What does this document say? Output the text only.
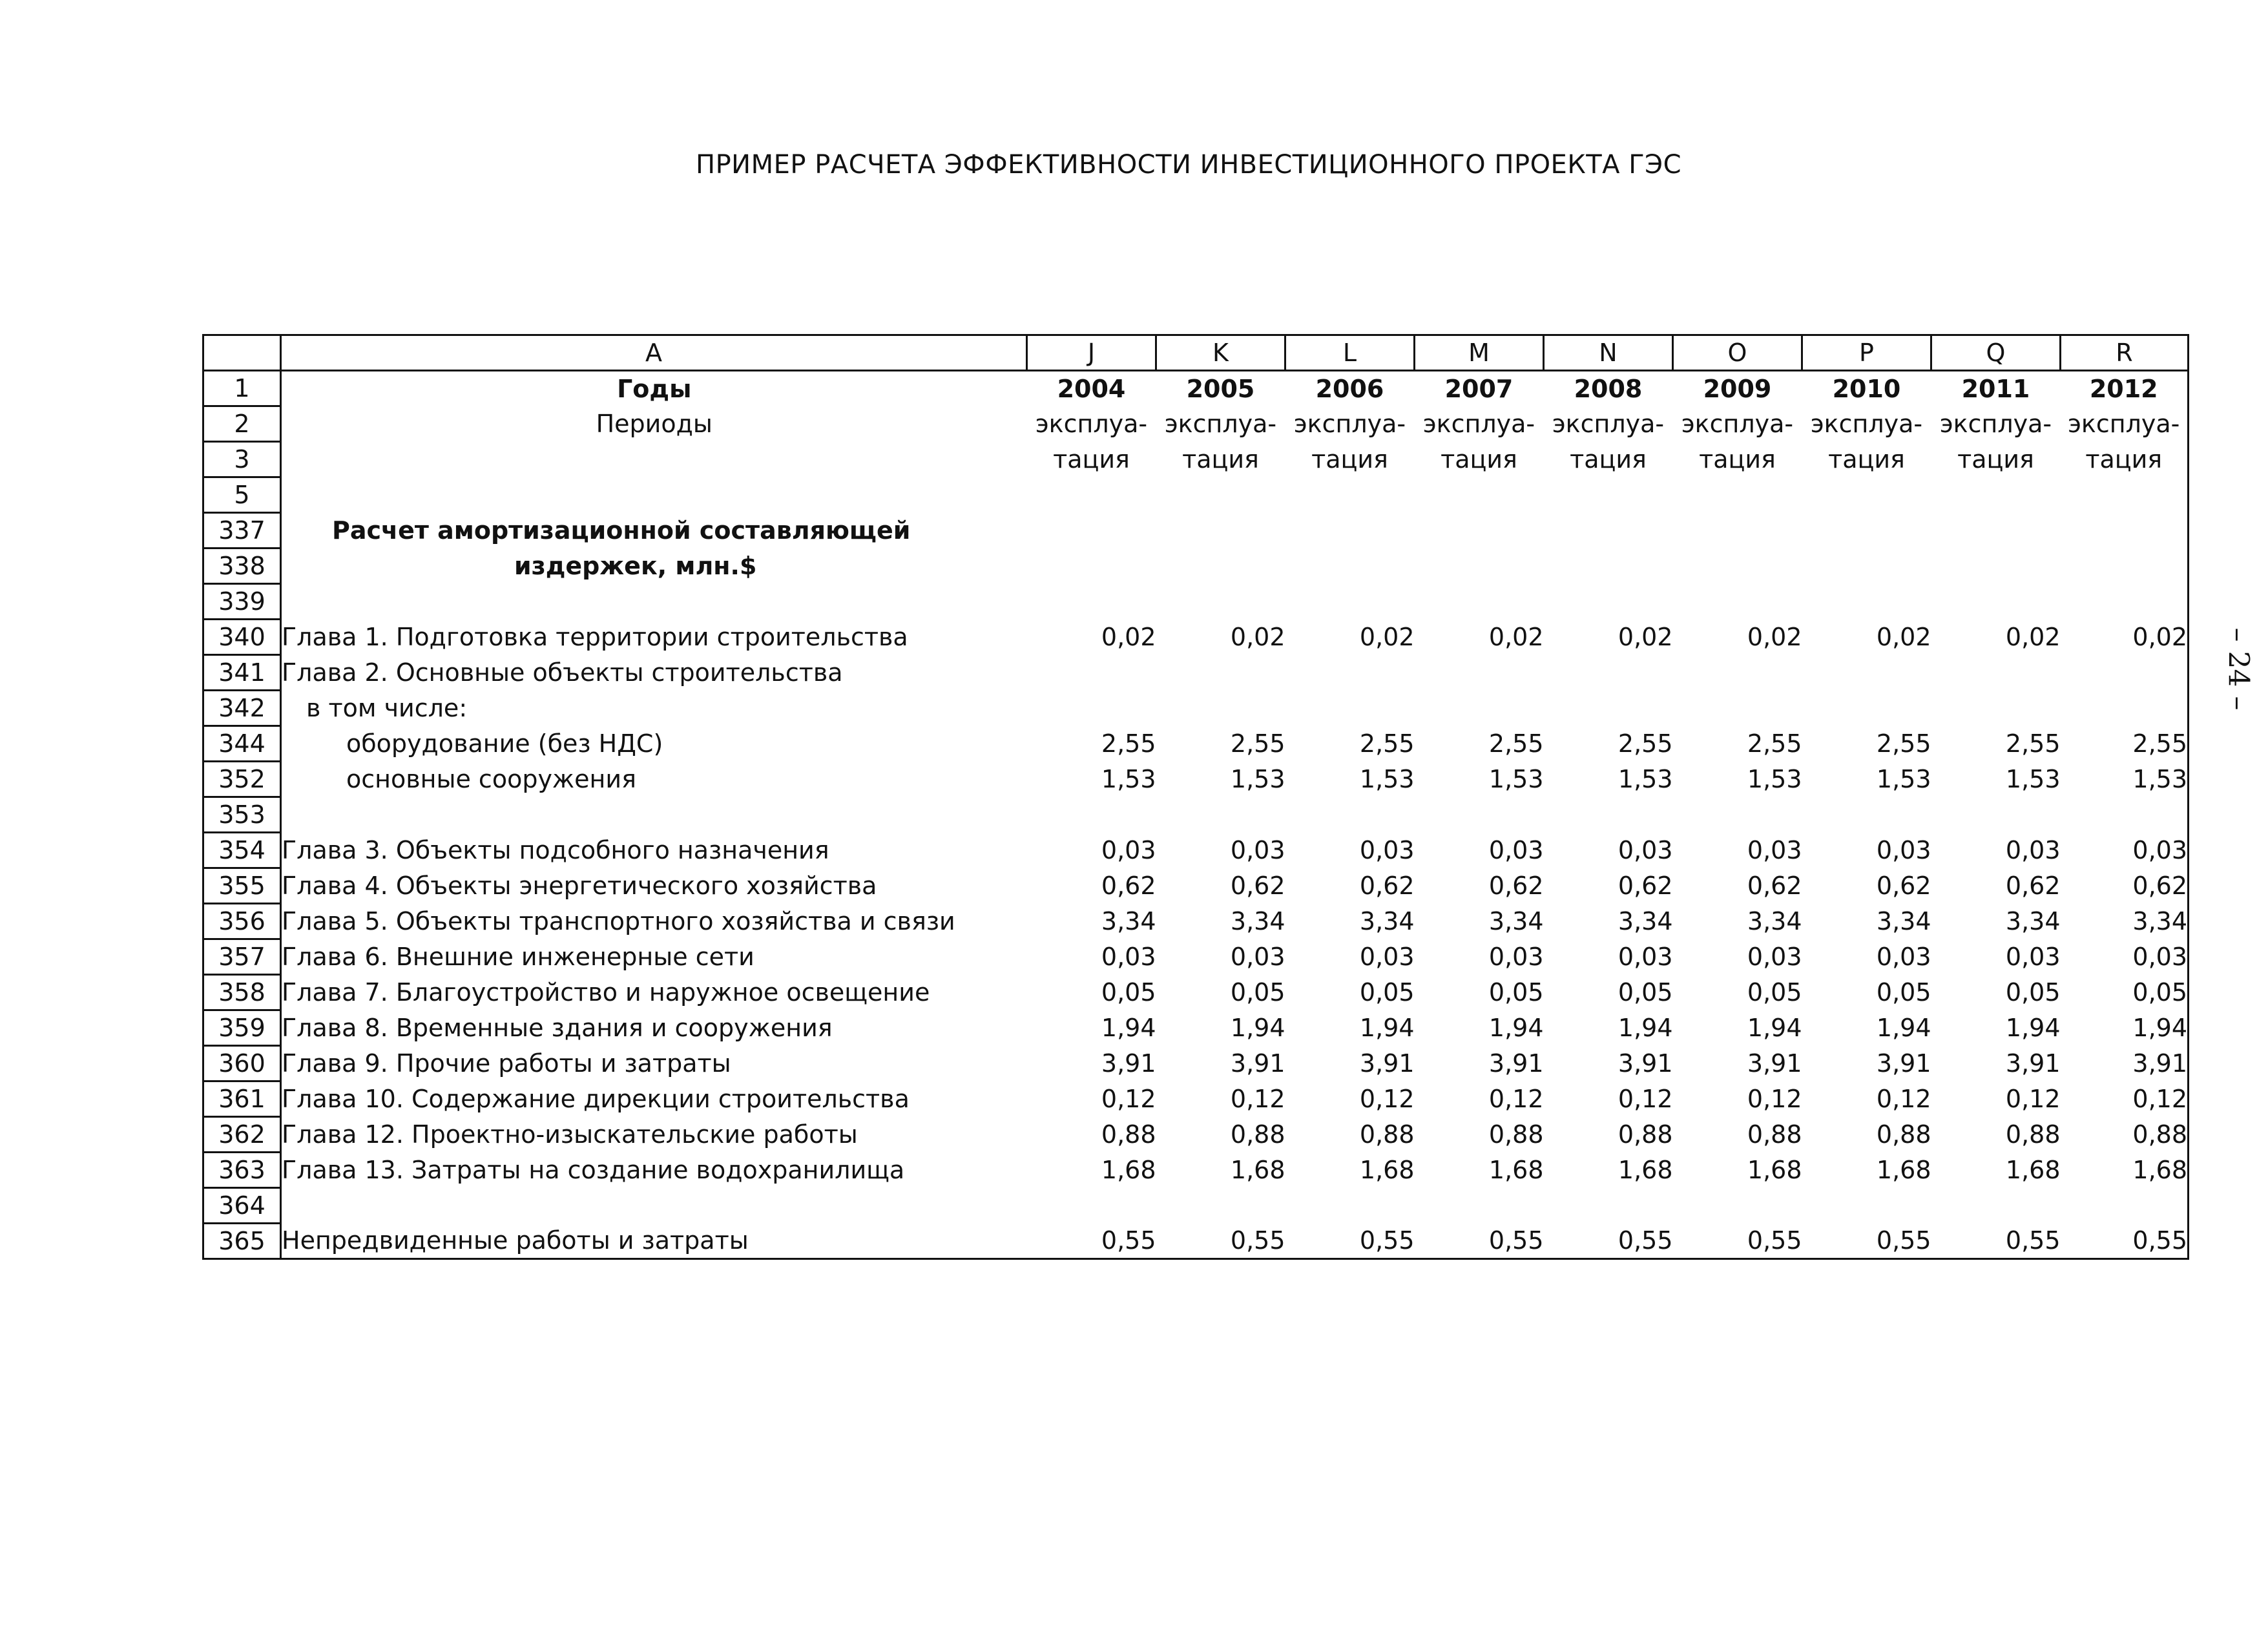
ПРИМЕР РАСЧЕТА ЭФФЕКТИВНОСТИ ИНВЕСТИЦИОННОГО ПРОЕКТА ГЭС
– 24 –
	A	J	K	L	M	N	O	P	Q	R
1	Годы	2004	2005	2006	2007	2008	2009	2010	2011	2012
2	Периоды	эксплуа-	эксплуа-	эксплуа-	эксплуа-	эксплуа-	эксплуа-	эксплуа-	эксплуа-	эксплуа-
3		тация	тация	тация	тация	тация	тация	тация	тация	тация
5										
337	Расчет амортизационной составляющей									
338	издержек, млн.$									
339										
340	Глава 1. Подготовка территории строительства	0,02	0,02	0,02	0,02	0,02	0,02	0,02	0,02	0,02
341	Глава 2. Основные объекты строительства									
342	в том числе:									
344	оборудование (без НДС)	2,55	2,55	2,55	2,55	2,55	2,55	2,55	2,55	2,55
352	основные сооружения	1,53	1,53	1,53	1,53	1,53	1,53	1,53	1,53	1,53
353										
354	Глава 3. Объекты подсобного назначения	0,03	0,03	0,03	0,03	0,03	0,03	0,03	0,03	0,03
355	Глава 4. Объекты энергетического хозяйства	0,62	0,62	0,62	0,62	0,62	0,62	0,62	0,62	0,62
356	Глава 5. Объекты транспортного хозяйства и связи	3,34	3,34	3,34	3,34	3,34	3,34	3,34	3,34	3,34
357	Глава 6. Внешние инженерные сети	0,03	0,03	0,03	0,03	0,03	0,03	0,03	0,03	0,03
358	Глава 7. Благоустройство и наружное освещение	0,05	0,05	0,05	0,05	0,05	0,05	0,05	0,05	0,05
359	Глава 8. Временные здания и сооружения	1,94	1,94	1,94	1,94	1,94	1,94	1,94	1,94	1,94
360	Глава 9. Прочие работы и затраты	3,91	3,91	3,91	3,91	3,91	3,91	3,91	3,91	3,91
361	Глава 10. Содержание дирекции строительства	0,12	0,12	0,12	0,12	0,12	0,12	0,12	0,12	0,12
362	Глава 12. Проектно-изыскательские работы	0,88	0,88	0,88	0,88	0,88	0,88	0,88	0,88	0,88
363	Глава 13. Затраты на создание водохранилища	1,68	1,68	1,68	1,68	1,68	1,68	1,68	1,68	1,68
364										
365	Непредвиденные работы и затраты	0,55	0,55	0,55	0,55	0,55	0,55	0,55	0,55	0,55
